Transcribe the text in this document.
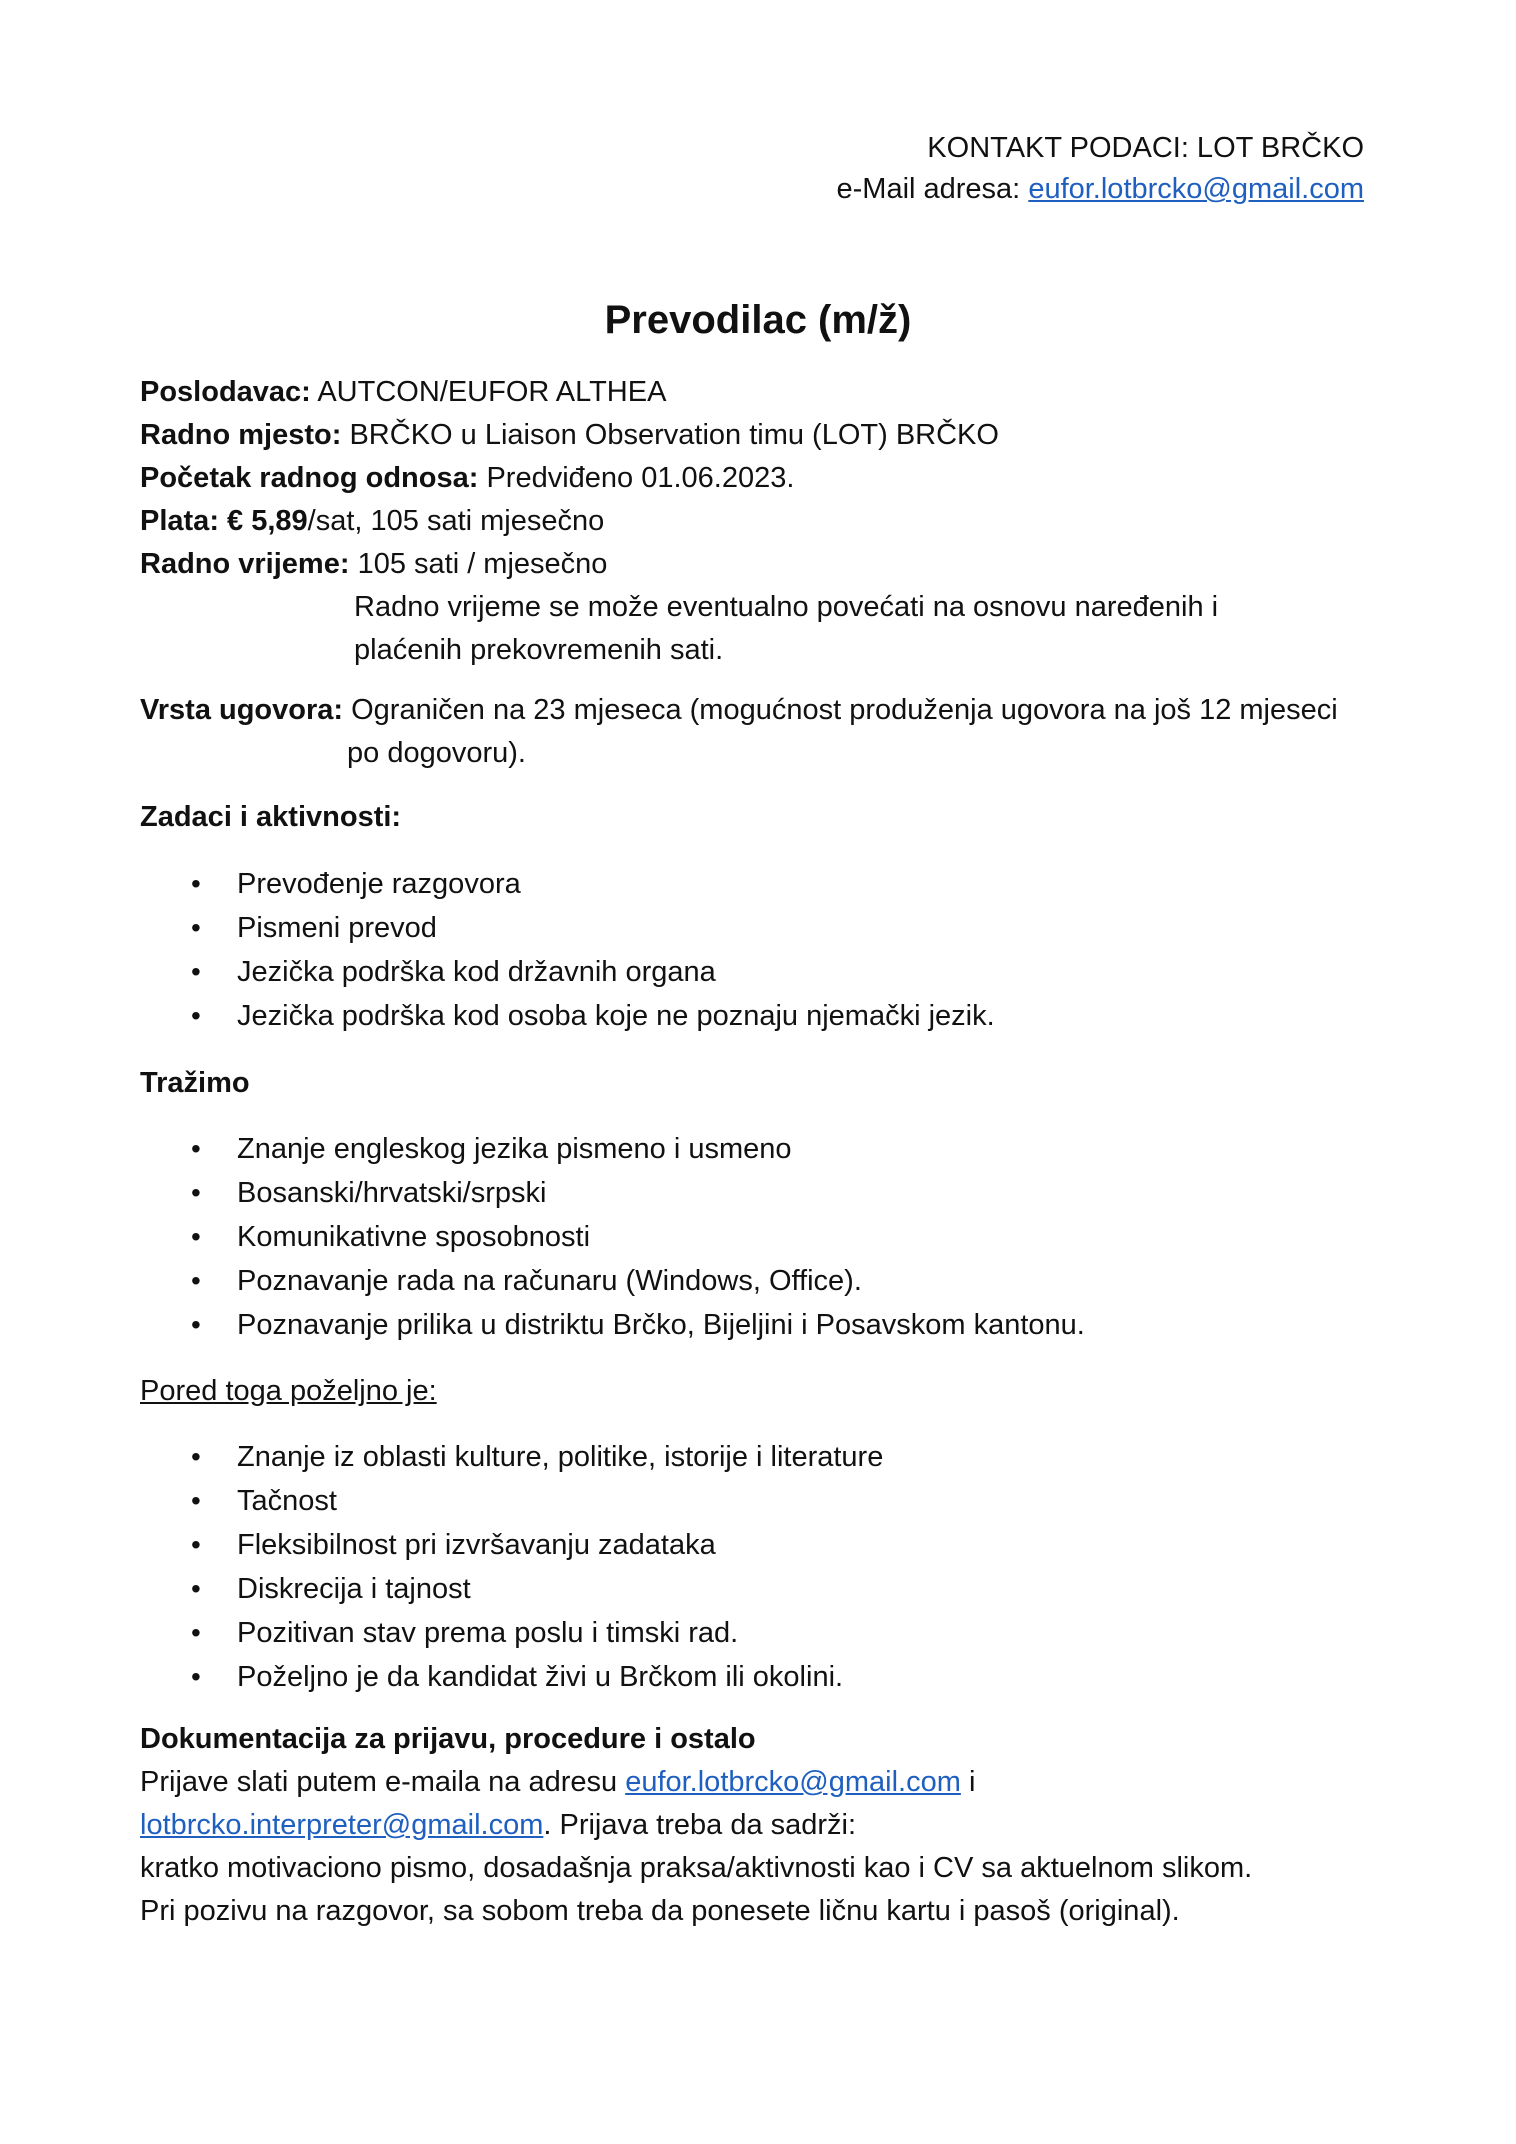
KONTAKT PODACI: LOT BRČKO
e-Mail adresa: eufor.lotbrcko@gmail.com
Prevodilac (m/ž)
Poslodavac: AUTCON/EUFOR ALTHEA
Radno mjesto: BRČKO u Liaison Observation timu (LOT) BRČKO
Početak radnog odnosa: Predviđeno 01.06.2023.
Plata: € 5,89/sat, 105 sati mjesečno
Radno vrijeme: 105 sati / mjesečno
Radno vrijeme se može eventualno povećati na osnovu naređenih i
plaćenih prekovremenih sati.
Vrsta ugovora: Ograničen na 23 mjeseca (mogućnost produženja ugovora na još 12 mjeseci
po dogovoru).
Zadaci i aktivnosti:
• Prevođenje razgovora
• Pismeni prevod
• Jezička podrška kod državnih organa
• Jezička podrška kod osoba koje ne poznaju njemački jezik.
Tražimo
• Znanje engleskog jezika pismeno i usmeno
• Bosanski/hrvatski/srpski
• Komunikativne sposobnosti
• Poznavanje rada na računaru (Windows, Office).
• Poznavanje prilika u distriktu Brčko, Bijeljini i Posavskom kantonu.
Pored toga poželjno je:
• Znanje iz oblasti kulture, politike, istorije i literature
• Tačnost
• Fleksibilnost pri izvršavanju zadataka
• Diskrecija i tajnost
• Pozitivan stav prema poslu i timski rad.
• Poželjno je da kandidat živi u Brčkom ili okolini.
Dokumentacija za prijavu, procedure i ostalo
Prijave slati putem e-maila na adresu eufor.lotbrcko@gmail.com i
lotbrcko.interpreter@gmail.com. Prijava treba da sadrži:
kratko motivaciono pismo, dosadašnja praksa/aktivnosti kao i CV sa aktuelnom slikom.
Pri pozivu na razgovor, sa sobom treba da ponesete ličnu kartu i pasoš (original).
